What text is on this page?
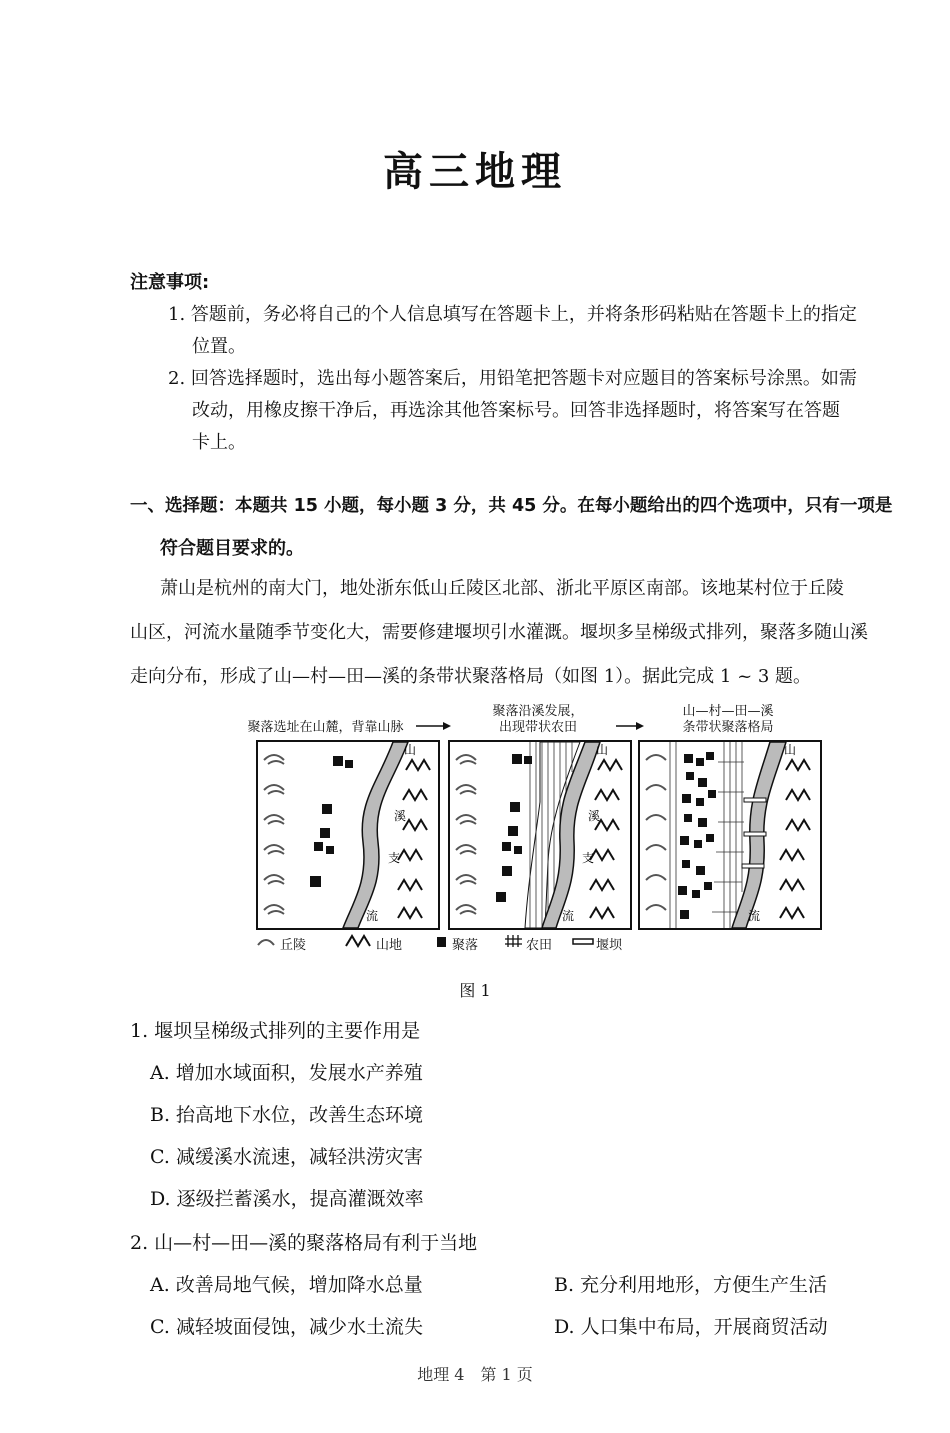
高三地理
注意事项:
1. 答题前，务必将自己的个人信息填写在答题卡上，并将条形码粘贴在答题卡上的指定
位置。
2. 回答选择题时，选出每小题答案后，用铅笔把答题卡对应题目的答案标号涂黑。如需
改动，用橡皮擦干净后，再选涂其他答案标号。回答非选择题时，将答案写在答题
卡上。
一、选择题：本题共 15 小题，每小题 3 分，共 45 分。在每小题给出的四个选项中，只有一项是
符合题目要求的。
萧山是杭州的南大门，地处浙东低山丘陵区北部、浙北平原区南部。该地某村位于丘陵
山区，河流水量随季节变化大，需要修建堰坝引水灌溉。堰坝多呈梯级式排列，聚落多随山溪
走向分布，形成了山—村—田—溪的条带状聚落格局（如图 1）。据此完成 1 ~ 3 题。
聚落选址在山麓，背靠山脉
聚落沿溪发展，
出现带状农田
山—村—田—溪
条带状聚落格局
山
溪
支
流
山
溪
支
流
山
流
丘陵	山地	聚落	农田	堰坝
图 1
1. 堰坝呈梯级式排列的主要作用是
A. 增加水域面积，发展水产养殖
B. 抬高地下水位，改善生态环境
C. 减缓溪水流速，减轻洪涝灾害
D. 逐级拦蓄溪水，提高灌溉效率
2. 山—村—田—溪的聚落格局有利于当地
A. 改善局地气候，增加降水总量	B. 充分利用地形，方便生产生活
C. 减轻坡面侵蚀，减少水土流失	D. 人口集中布局，开展商贸活动
地理 4　第 1 页
